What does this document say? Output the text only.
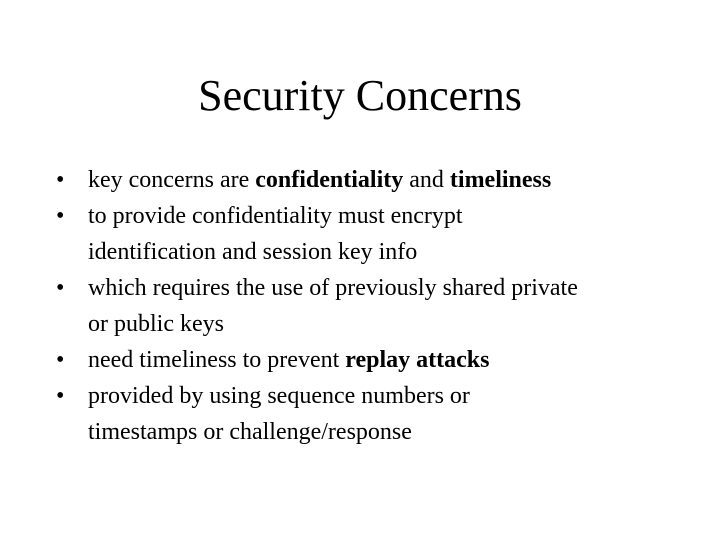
Security Concerns
• key concerns are confidentiality and timeliness
• to provide confidentiality must encrypt
identification and session key info
• which requires the use of previously shared private
or public keys
• need timeliness to prevent replay attacks
• provided by using sequence numbers or
timestamps or challenge/response
